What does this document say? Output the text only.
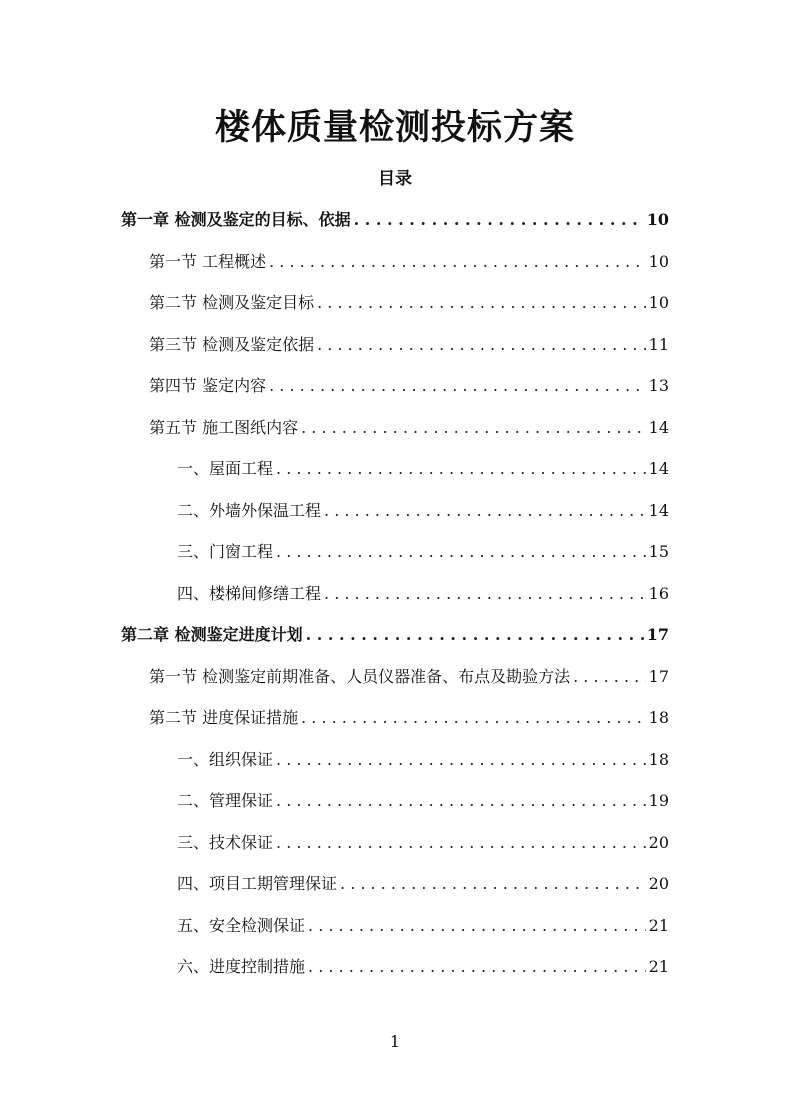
楼体质量检测投标方案
目录
第一章 检测及鉴定的目标、依据 . . .	10
第一节 工程概述 . . .	10
第二节 检测及鉴定目标 . . .	10
第三节 检测及鉴定依据 . . .	11
第四节 鉴定内容 . . .	13
第五节 施工图纸内容 . . .	14
一、屋面工程 . . .	14
二、外墙外保温工程 . . .	14
三、门窗工程 . . .	15
四、楼梯间修缮工程 . . .	16
第二章 检测鉴定进度计划 . . .	17
第一节 检测鉴定前期准备、人员仪器准备、布点及勘验方法 . . .	17
第二节 进度保证措施 . . .	18
一、组织保证 . . .	18
二、管理保证 . . .	19
三、技术保证 . . .	20
四、项目工期管理保证 . . .	20
五、安全检测保证 . . .	21
六、进度控制措施 . . .	21
1
